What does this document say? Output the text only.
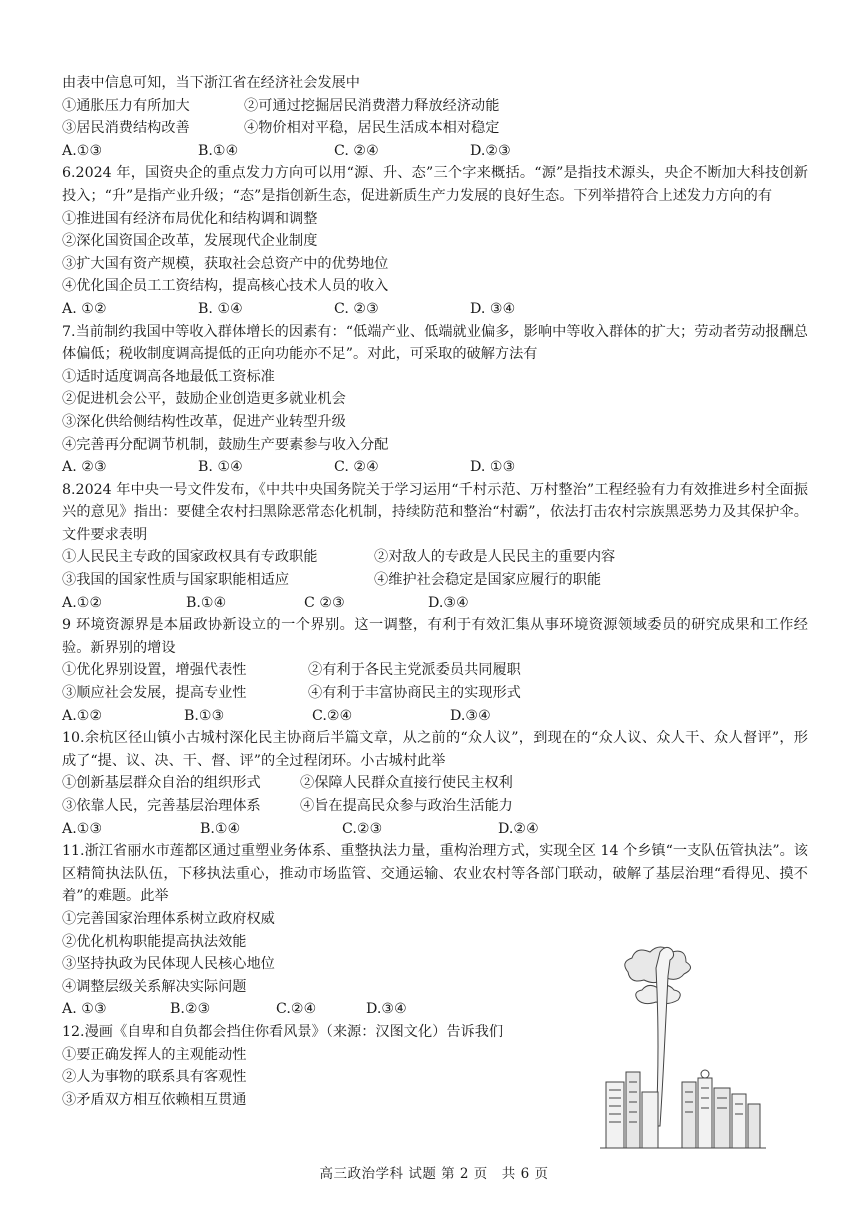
由表中信息可知，当下浙江省在经济社会发展中
①通胀压力有所加大	②可通过挖掘居民消费潜力释放经济动能
③居民消费结构改善	④物价相对平稳，居民生活成本相对稳定
A.①③	B.①④	C. ②④	D.②③
6.2024 年，国资央企的重点发力方向可以用“源、升、态”三个字来概括。“源”是指技术源头，央企不断加大科技创新投入；“升”是指产业升级；“态”是指创新生态，促进新质生产力发展的良好生态。下列举措符合上述发力方向的有
①推进国有经济布局优化和结构调和调整
②深化国资国企改革，发展现代企业制度
③扩大国有资产规模，获取社会总资产中的优势地位
④优化国企员工工资结构，提高核心技术人员的收入
A. ①②	B. ①④	C. ②③	D. ③④
7.当前制约我国中等收入群体增长的因素有：“低端产业、低端就业偏多，影响中等收入群体的扩大；劳动者劳动报酬总体偏低；税收制度调高提低的正向功能亦不足”。对此，可采取的破解方法有
①适时适度调高各地最低工资标准
②促进机会公平，鼓励企业创造更多就业机会
③深化供给侧结构性改革，促进产业转型升级
④完善再分配调节机制，鼓励生产要素参与收入分配
A. ②③	B. ①④	C. ②④	D. ①③
8.2024 年中央一号文件发布，《中共中央国务院关于学习运用“千村示范、万村整治”工程经验有力有效推进乡村全面振兴的意见》指出：要健全农村扫黑除恶常态化机制，持续防范和整治“村霸”，依法打击农村宗族黑恶势力及其保护伞。文件要求表明
①人民民主专政的国家政权具有专政职能	②对敌人的专政是人民民主的重要内容
③我国的国家性质与国家职能相适应	④维护社会稳定是国家应履行的职能
A.①②	B.①④	C ②③	D.③④
9 环境资源界是本届政协新设立的一个界别。这一调整，有利于有效汇集从事环境资源领域委员的研究成果和工作经验。新界别的增设
①优化界别设置，增强代表性	②有利于各民主党派委员共同履职
③顺应社会发展，提高专业性	④有利于丰富协商民主的实现形式
A.①②	B.①③	C.②④	D.③④
10.余杭区径山镇小古城村深化民主协商后半篇文章，从之前的“众人议”，到现在的“众人议、众人干、众人督评”，形成了“提、议、决、干、督、评”的全过程闭环。小古城村此举
①创新基层群众自治的组织形式	②保障人民群众直接行使民主权利
③依靠人民，完善基层治理体系	④旨在提高民众参与政治生活能力
A.①③	B.①④	C.②③	D.②④
11.浙江省丽水市莲都区通过重塑业务体系、重整执法力量，重构治理方式，实现全区 14 个乡镇“一支队伍管执法”。该区精简执法队伍，下移执法重心，推动市场监管、交通运输、农业农村等各部门联动，破解了基层治理“看得见、摸不着”的难题。此举
①完善国家治理体系树立政府权威
②优化机构职能提高执法效能
③坚持执政为民体现人民核心地位
④调整层级关系解决实际问题
A. ①③	B.②③	C.②④	D.③④
12.漫画《自卑和自负都会挡住你看风景》（来源：汉图文化）告诉我们
①要正确发挥人的主观能动性
②人为事物的联系具有客观性
③矛盾双方相互依赖相互贯通
高三政治学科 试题 第 2 页　共 6 页
